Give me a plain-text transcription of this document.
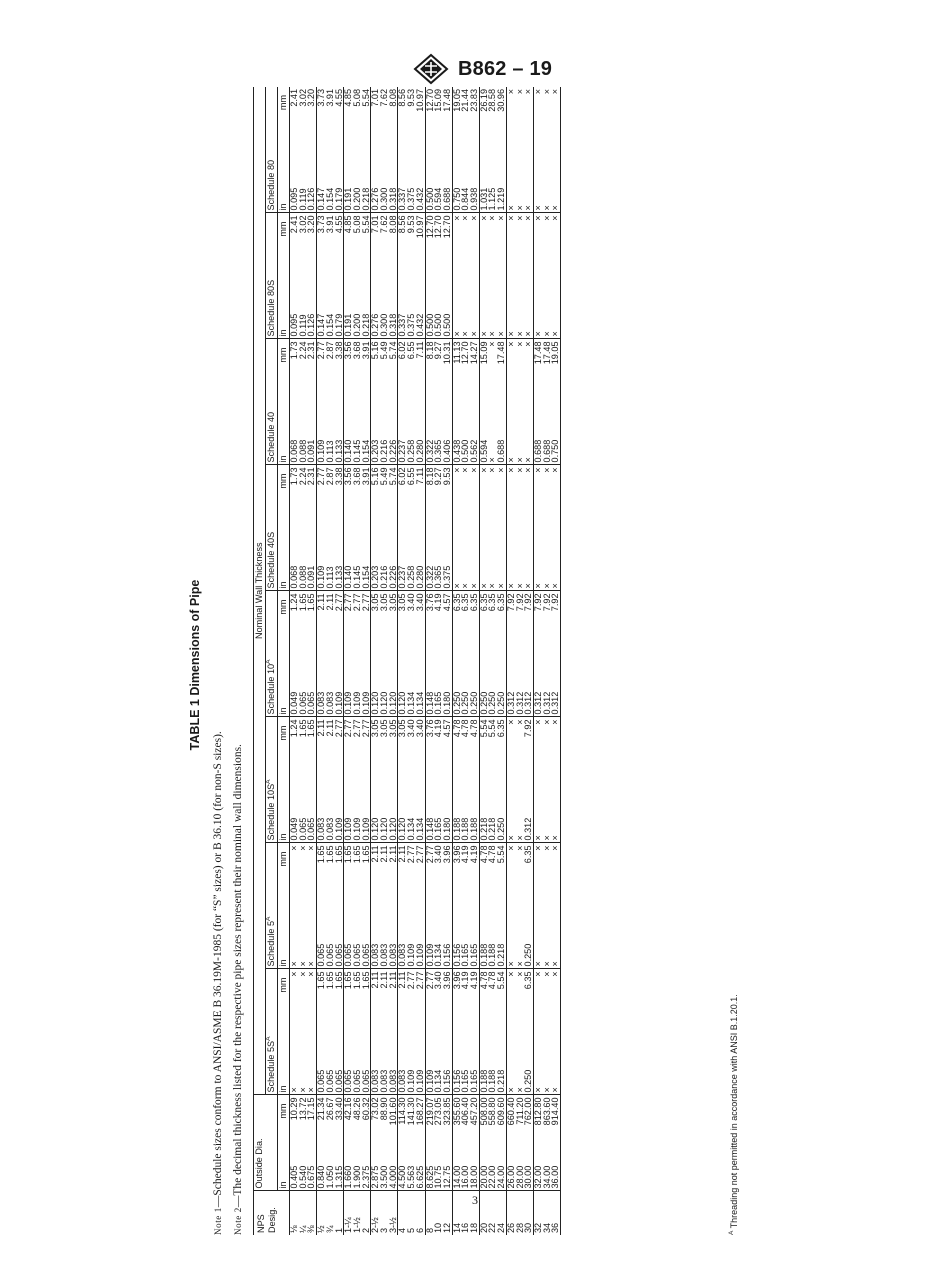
B862 – 19
TABLE 1 Dimensions of Pipe
Note 1—Schedule sizes conform to ANSI/ASME B 36.19M-1985 (for “S” sizes) or B 36.10 (for non-S sizes).
Note 2—The decimal thickness listed for the respective pipe sizes represent their nominal wall dimensions.
NPS Desig.	Outside Dia.		Nominal Wall Thickness															
			Schedule $5S^A$		Schedule $5^A$		Schedule $10S^A$		Schedule $10^A$		Schedule 40S		Schedule 40		Schedule 80S		Schedule 80	
	in	mm	in	mm	in	mm	in	mm	in	mm	in	mm	in	mm	in	mm	in	mm
⅛	0.405	10.29	×	×	×	×	0.049	1.24	0.049	1.24	0.068	1.73	0.068	1.73	0.095	2.41	0.095	2.41
¼	0.540	13.72	×	×	×	×	0.065	1.65	0.065	1.65	0.088	2.24	0.088	2.24	0.119	3.02	0.119	3.02
⅜	0.675	17.15	×	×	×	×	0.065	1.65	0.065	1.65	0.091	2.31	0.091	2.31	0.126	3.20	0.126	3.20
½	0.840	21.34	0.065	1.65	0.065	1.65	0.083	2.11	0.083	2.11	0.109	2.77	0.109	2.77	0.147	3.73	0.147	3.73
¾	1.050	26.67	0.065	1.65	0.065	1.65	0.083	2.11	0.083	2.11	0.113	2.87	0.113	2.87	0.154	3.91	0.154	3.91
1	1.315	33.40	0.065	1.65	0.065	1.65	0.109	2.77	0.109	2.77	0.133	3.38	0.133	3.38	0.179	4.55	0.179	4.55
1-¼	1.660	42.16	0.065	1.65	0.065	1.65	0.109	2.77	0.109	2.77	0.140	3.56	0.140	3.56	0.191	4.85	0.191	4.85
1-½	1.900	48.26	0.065	1.65	0.065	1.65	0.109	2.77	0.109	2.77	0.145	3.68	0.145	3.68	0.200	5.08	0.200	5.08
2	2.375	60.32	0.065	1.65	0.065	1.65	0.109	2.77	0.109	2.77	0.154	3.91	0.154	3.91	0.218	5.54	0.218	5.54
2-½	2.875	73.02	0.083	2.11	0.083	2.11	0.120	3.05	0.120	3.05	0.203	5.16	0.203	5.16	0.276	7.01	0.276	7.01
3	3.500	88.90	0.083	2.11	0.083	2.11	0.120	3.05	0.120	3.05	0.216	5.49	0.216	5.49	0.300	7.62	0.300	7.62
3-½	4.000	101.60	0.083	2.11	0.083	2.11	0.120	3.05	0.120	3.05	0.226	5.74	0.226	5.74	0.318	8.08	0.318	8.08
4	4.500	114.30	0.083	2.11	0.083	2.11	0.120	3.05	0.120	3.05	0.237	6.02	0.237	6.02	0.337	8.56	0.337	8.56
5	5.563	141.30	0.109	2.77	0.109	2.77	0.134	3.40	0.134	3.40	0.258	6.55	0.258	6.55	0.375	9.53	0.375	9.53
6	6.625	168.27	0.109	2.77	0.109	2.77	0.134	3.40	0.134	3.40	0.280	7.11	0.280	7.11	0.432	10.97	0.432	10.97
8	8.625	219.07	0.109	2.77	0.109	2.77	0.148	3.76	0.148	3.76	0.322	8.18	0.322	8.18	0.500	12.70	0.500	12.70
10	10.75	273.05	0.134	3.40	0.134	3.40	0.165	4.19	0.165	4.19	0.365	9.27	0.365	9.27	0.500	12.70	0.594	15.09
12	12.75	323.85	0.156	3.96	0.156	3.96	0.180	4.57	0.180	4.57	0.375	9.53	0.406	10.31	0.500	12.70	0.688	17.48
14	14.00	355.60	0.156	3.96	0.156	3.96	0.188	4.78	0.250	6.35	×	×	0.438	11.13	×	×	0.750	19.05
16	16.00	406.40	0.165	4.19	0.165	4.19	0.188	4.78	0.250	6.35	×	×	0.500	12.70	×	×	0.844	21.44
18	18.00	457.20	0.165	4.19	0.165	4.19	0.188	4.78	0.250	6.35	×	×	0.562	14.27	×	×	0.938	23.83
20	20.00	508.00	0.188	4.78	0.188	4.78	0.218	5.54	0.250	6.35	×	×	0.594	15.09	×	×	1.031	26.19
22	22.00	558.80	0.188	4.78	0.188	4.78	0.218	5.54	0.250	6.35	×	×	×	×	×	×	1.125	28.58
24	24.00	609.60	0.218	5.54	0.218	5.54	0.250	6.35	0.250	6.35	×	×	0.688	17.48	×	×	1.219	30.96
26	26.00	660.40	×	×	×	×	×	×	0.312	7.92	×	×	×	×	×	×	×	×
28	28.00	711.20	×	×	×	×	×	×	0.312	7.92	×	×	×	×	×	×	×	×
30	30.00	762.00	0.250	6.35	0.250	6.35	0.312	7.92	0.312	7.92	×	×	×	×	×	×	×	×
32	32.00	812.80	×	×	×	×	×	×	0.312	7.92	×	×	0.688	17.48	×	×	×	×
34	34.00	863.60	×	×	×	×	×	×	0.312	7.92	×	×	0.688	17.48	×	×	×	×
36	36.00	914.40	×	×	×	×	×	×	0.312	7.92	×	×	0.750	19.05	×	×	×	×
$^A$ Threading not permitted in accordance with ANSI B.1.20.1.
3
